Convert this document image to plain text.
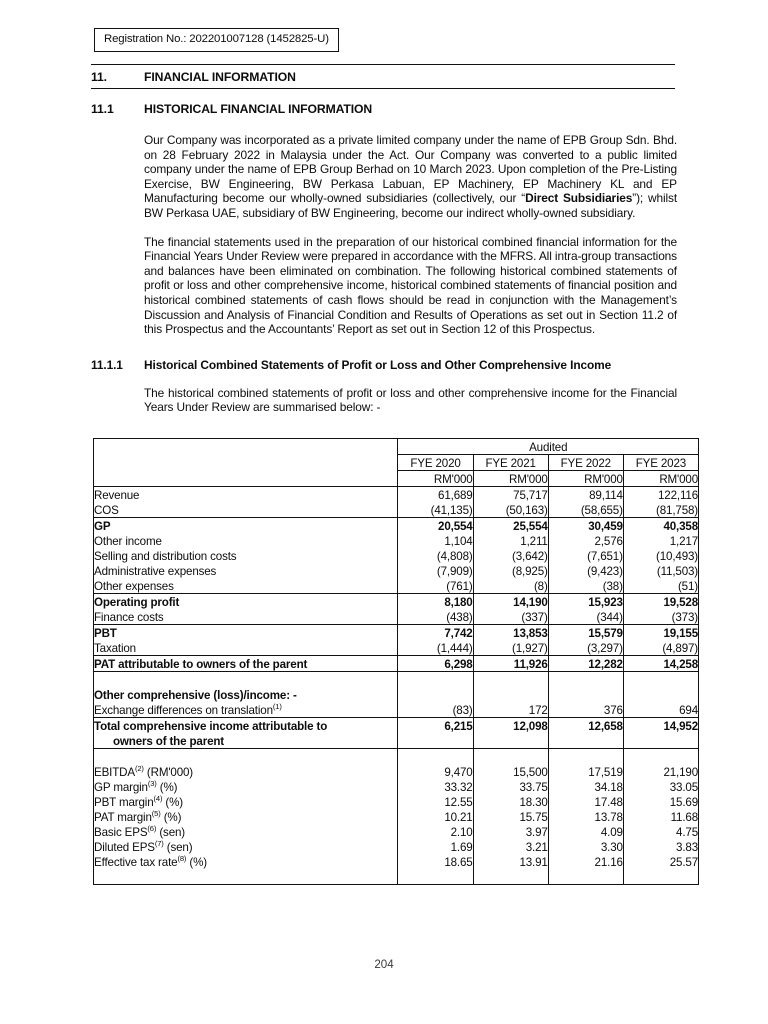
Registration No.: 202201007128 (1452825-U)
11.	FINANCIAL INFORMATION
11.1	HISTORICAL FINANCIAL INFORMATION

Our Company was incorporated as a private limited company under the name of EPB Group Sdn. Bhd. on 28 February 2022 in Malaysia under the Act. Our Company was converted to a public limited company under the name of EPB Group Berhad on 10 March 2023. Upon completion of the Pre-Listing Exercise, BW Engineering, BW Perkasa Labuan, EP Machinery, EP Machinery KL and EP Manufacturing become our wholly-owned subsidiaries (collectively, our “Direct Subsidiaries”); whilst BW Perkasa UAE, subsidiary of BW Engineering, become our indirect wholly-owned subsidiary.

The financial statements used in the preparation of our historical combined financial information for the Financial Years Under Review were prepared in accordance with the MFRS. All intra-group transactions and balances have been eliminated on combination. The following historical combined statements of profit or loss and other comprehensive income, historical combined statements of financial position and historical combined statements of cash flows should be read in conjunction with the Management’s Discussion and Analysis of Financial Condition and Results of Operations as set out in Section 11.2 of this Prospectus and the Accountants’ Report as set out in Section 12 of this Prospectus.

11.1.1	Historical Combined Statements of Profit or Loss and Other Comprehensive Income

The historical combined statements of profit or loss and other comprehensive income for the Financial Years Under Review are summarised below: -

	Audited			
	FYE 2020	FYE 2021	FYE 2022	FYE 2023
	RM'000	RM'000	RM'000	RM'000
Revenue	61,689	75,717	89,114	122,116
COS	(41,135)	(50,163)	(58,655)	(81,758)
GP	20,554	25,554	30,459	40,358
Other income	1,104	1,211	2,576	1,217
Selling and distribution costs	(4,808)	(3,642)	(7,651)	(10,493)
Administrative expenses	(7,909)	(8,925)	(9,423)	(11,503)
Other expenses	(761)	(8)	(38)	(51)
Operating profit	8,180	14,190	15,923	19,528
Finance costs	(438)	(337)	(344)	(373)
PBT	7,742	13,853	15,579	19,155
Taxation	(1,444)	(1,927)	(3,297)	(4,897)
PAT attributable to owners of the parent	6,298	11,926	12,282	14,258

Other comprehensive (loss)/income: -				
Exchange differences on translation$^{(1)}$	(83)	172	376	694
Total comprehensive income attributable to	6,215	12,098	12,658	14,952
owners of the parent				

EBITDA$^{(2)}$ (RM'000)	9,470	15,500	17,519	21,190
GP margin$^{(3)}$ (%)	33.32	33.75	34.18	33.05
PBT margin$^{(4)}$ (%)	12.55	18.30	17.48	15.69
PAT margin$^{(5)}$ (%)	10.21	15.75	13.78	11.68
Basic EPS$^{(6)}$ (sen)	2.10	3.97	4.09	4.75
Diluted EPS$^{(7)}$ (sen)	1.69	3.21	3.30	3.83
Effective tax rate$^{(8)}$ (%)	18.65	13.91	21.16	25.57

204
